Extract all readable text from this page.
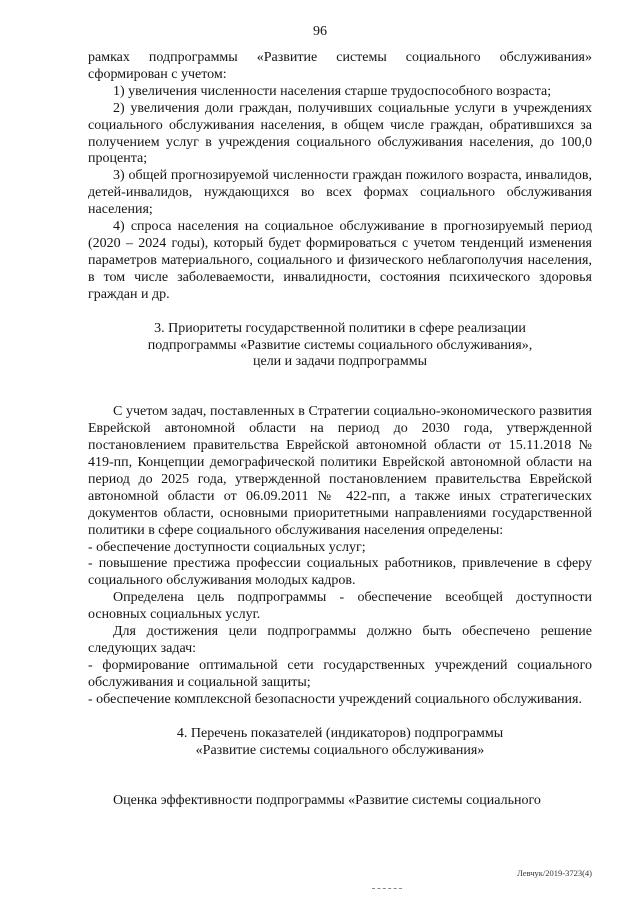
96

рамках подпрограммы «Развитие системы социального обслуживания» сформирован с учетом:

1) увеличения численности населения старше трудоспособного возраста;

2) увеличения доли граждан, получивших социальные услуги в учреждениях социального обслуживания населения, в общем числе граждан, обратившихся за получением услуг в учреждения социального обслуживания населения, до 100,0 процента;

3) общей прогнозируемой численности граждан пожилого возраста, инвалидов, детей-инвалидов, нуждающихся во всех формах социального обслуживания населения;

4) спроса населения на социальное обслуживание в прогнозируемый период (2020 – 2024 годы), который будет формироваться с учетом тенденций изменения параметров материального, социального и физического неблагополучия населения, в том числе заболеваемости, инвалидности, состояния психического здоровья граждан и др.

3. Приоритеты государственной политики в сфере реализации
подпрограммы «Развитие системы социального обслуживания»,
цели и задачи подпрограммы

С учетом задач, поставленных в Стратегии социально-экономического развития Еврейской автономной области на период до 2030 года, утвержденной постановлением правительства Еврейской автономной области от 15.11.2018 № 419-пп, Концепции демографической политики Еврейской автономной области на период до 2025 года, утвержденной постановлением правительства Еврейской автономной области от 06.09.2011 № 422-пп, а также иных стратегических документов области, основными приоритетными направлениями государственной политики в сфере социального обслуживания населения определены:

- обеспечение доступности социальных услуг;

- повышение престижа профессии социальных работников, привлечение в сферу социального обслуживания молодых кадров.

Определена цель подпрограммы - обеспечение всеобщей доступности основных социальных услуг.

Для достижения цели подпрограммы должно быть обеспечено решение следующих задач:

- формирование оптимальной сети государственных учреждений социального обслуживания и социальной защиты;

- обеспечение комплексной безопасности учреждений социального обслуживания.

4. Перечень показателей (индикаторов) подпрограммы
«Развитие системы социального обслуживания»

Оценка эффективности подпрограммы «Развитие системы социального

Левчук/2019-3723(4)
